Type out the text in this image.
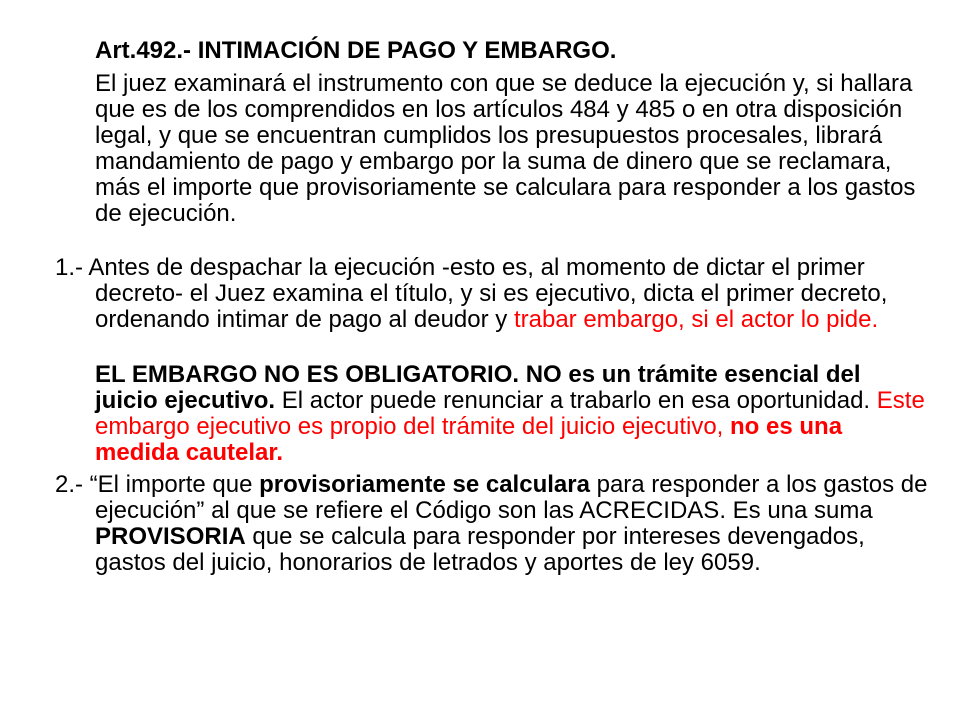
Art.492.- INTIMACIÓN DE PAGO Y EMBARGO.

El juez examinará el instrumento con que se deduce la ejecución y, si hallara que es de los comprendidos en los artículos 484 y 485 o en otra disposición legal, y que se encuentran cumplidos los presupuestos procesales, librará mandamiento de pago y embargo por la suma de dinero que se reclamara, más el importe que provisoriamente se calculara para responder a los gastos de ejecución.

1.- Antes de despachar la ejecución -esto es, al momento de dictar el primer decreto- el Juez examina el título, y si es ejecutivo, dicta el primer decreto, ordenando intimar de pago al deudor y trabar embargo, si el actor lo pide.

EL EMBARGO NO ES OBLIGATORIO. NO es un trámite esencial del juicio ejecutivo. El actor puede renunciar a trabarlo en esa oportunidad. Este embargo ejecutivo es propio del trámite del juicio ejecutivo, no es una medida cautelar.

2.- “El importe que provisoriamente se calculara para responder a los gastos de ejecución” al que se refiere el Código son las ACRECIDAS. Es una suma PROVISORIA que se calcula para responder por intereses devengados, gastos del juicio, honorarios de letrados y aportes de ley 6059.
